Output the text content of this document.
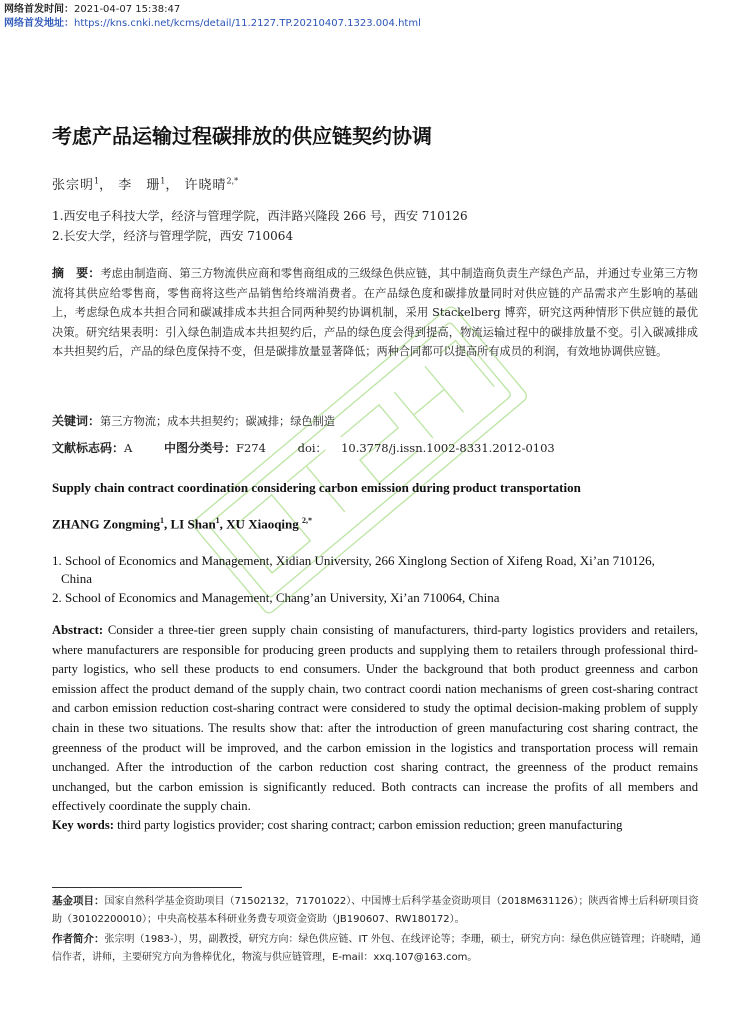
网络首发时间：2021-04-07 15:38:47
网络首发地址：https://kns.cnki.net/kcms/detail/11.2127.TP.20210407.1323.004.html
考虑产品运输过程碳排放的供应链契约协调
张宗明$^1$， 李　珊$^1$， 许晓晴$^{2,*}$
1.西安电子科技大学，经济与管理学院，西沣路兴隆段 266 号，西安 710126
2.长安大学，经济与管理学院，西安 710064
摘　要：考虑由制造商、第三方物流供应商和零售商组成的三级绿色供应链，其中制造商负责生产绿色产品，并通过专业第三方物流将其供应给零售商，零售商将这些产品销售给终端消费者。在产品绿色度和碳排放量同时对供应链的产品需求产生影响的基础上，考虑绿色成本共担合同和碳减排成本共担合同两种契约协调机制，采用 Stackelberg 博弈，研究这两种情形下供应链的最优决策。研究结果表明：引入绿色制造成本共担契约后，产品的绿色度会得到提高，物流运输过程中的碳排放量不变。引入碳减排成本共担契约后，产品的绿色度保持不变，但是碳排放量显著降低；两种合同都可以提高所有成员的利润，有效地协调供应链。
关键词：第三方物流；成本共担契约；碳减排；绿色制造
文献标志码：A	中图分类号：F274	doi： 10.3778/j.issn.1002-8331.2012-0103
Supply chain contract coordination considering carbon emission during product transportation
ZHANG Zongming$^1$, LI Shan$^1$, XU Xiaoqing $^{2,*}$
1. School of Economics and Management, Xidian University, 266 Xinglong Section of Xifeng Road, Xi’an 710126,
China
2. School of Economics and Management, Chang’an University, Xi’an 710064, China
Abstract: Consider a three-tier green supply chain consisting of manufacturers, third-party logistics providers and retailers, where manufacturers are responsible for producing green products and supplying them to retailers through professional third-party logistics, who sell these products to end consumers. Under the background that both product greenness and carbon emission affect the product demand of the supply chain, two contract coordi nation mechanisms of green cost-sharing contract and carbon emission reduction cost-sharing contract were considered to study the optimal decision-making problem of supply chain in these two situations. The results show that: after the introduction of green manufacturing cost sharing contract, the greenness of the product will be improved, and the carbon emission in the logistics and transportation process will remain unchanged. After the introduction of the carbon reduction cost sharing contract, the greenness of the product remains unchanged, but the carbon emission is significantly reduced. Both contracts can increase the profits of all members and effectively coordinate the supply chain.
Key words: third party logistics provider; cost sharing contract; carbon emission reduction; green manufacturing
基金项目：国家自然科学基金资助项目（71502132，71701022）、中国博士后科学基金资助项目（2018M631126）；陕西省博士后科研项目资助（30102200010）；中央高校基本科研业务费专项资金资助（JB190607、RW180172）。
作者简介：张宗明（1983-），男，副教授，研究方向：绿色供应链、IT 外包、在线评论等；李珊，硕士，研究方向：绿色供应链管理；许晓晴，通信作者，讲师，主要研究方向为鲁棒优化，物流与供应链管理，E-mail：xxq.107@163.com。
